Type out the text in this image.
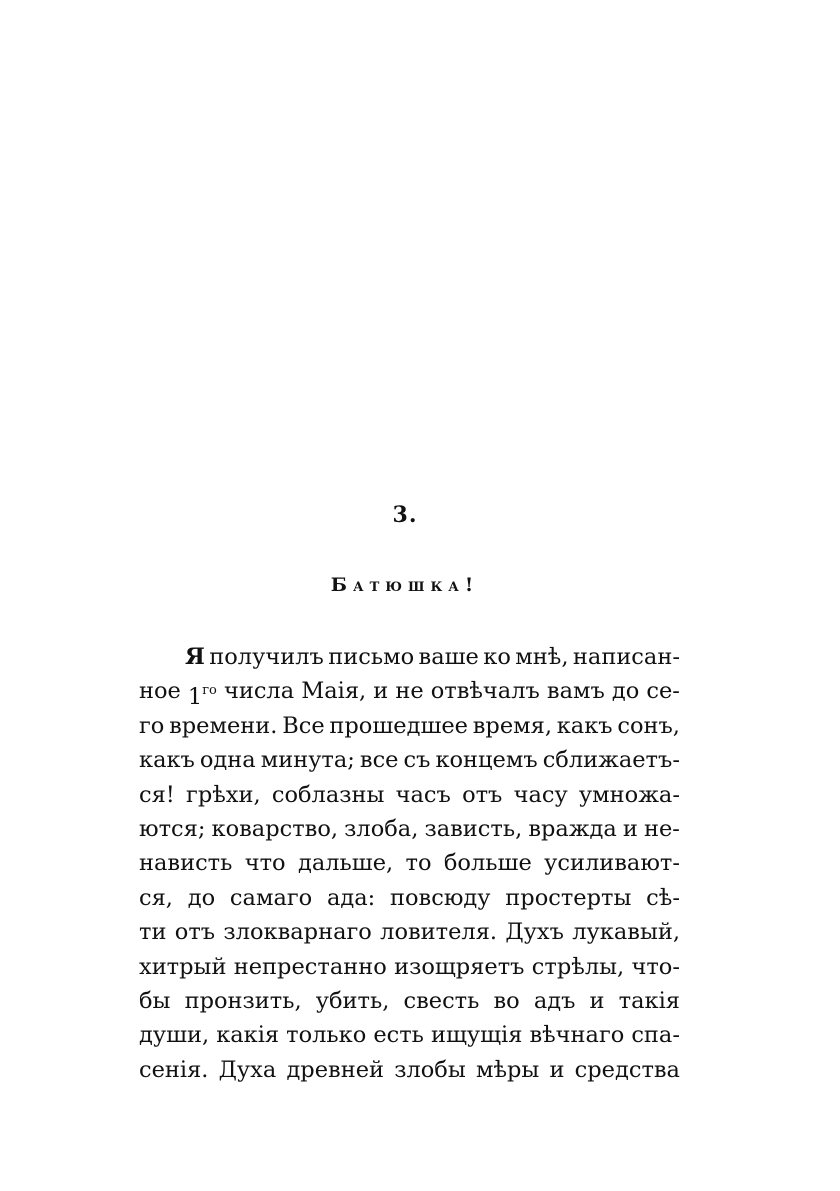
3.
Батюшка!
Я получилъ письмо ваше ко мнѣ, написан-
ное $1^{го}$ числа Маія, и не отвѣчалъ вамъ до се-
го времени. Все прошедшее время, какъ сонъ,
какъ одна минута; все съ концемъ сближаетъ-
ся! грѣхи, соблазны часъ отъ часу умножа-
ются; коварство, злоба, зависть, вражда и не-
нависть что дальше, то больше усиливают-
ся, до самаго ада: повсюду простерты сѣ-
ти отъ злокварнаго ловителя. Духъ лукавый,
хитрый непрестанно изощряетъ стрѣлы, что-
бы пронзить, убить, свесть во адъ и такія
души, какія только есть ищущія вѣчнаго спа-
сенія. Духа древней злобы мѣры и средства
